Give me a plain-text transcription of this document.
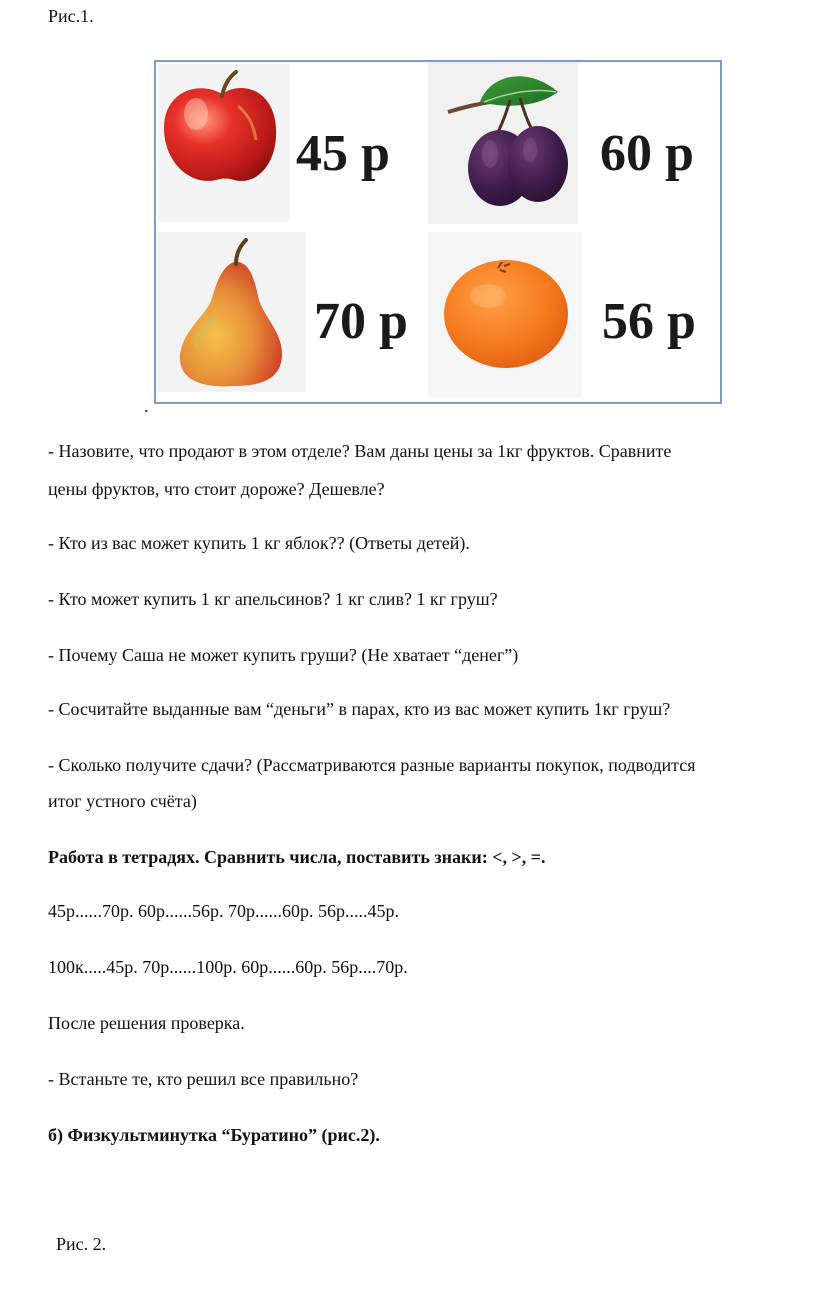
Рис.1.
45 р	60 р
70 р	56 р
.
- Назовите, что продают в этом отделе? Вам даны цены за 1кг фруктов. Сравните
цены фруктов, что стоит дороже? Дешевле?
- Кто из вас может купить 1 кг яблок?? (Ответы детей).
- Кто может купить 1 кг апельсинов? 1 кг слив? 1 кг груш?
- Почему Саша не может купить груши? (Не хватает “денег”)
- Сосчитайте выданные вам “деньги” в парах, кто из вас может купить 1кг груш?
- Сколько получите сдачи? (Рассматриваются разные варианты покупок, подводится
итог устного счёта)
Работа в тетрадях. Сравнить числа, поставить знаки: <, >, =.
45р......70р. 60р......56р. 70р......60р. 56р.....45р.
100к.....45р. 70р......100р. 60р......60р. 56р....70р.
После решения проверка.
- Встаньте те, кто решил все правильно?
б) Физкультминутка “Буратино” (рис.2).
Рис. 2.
